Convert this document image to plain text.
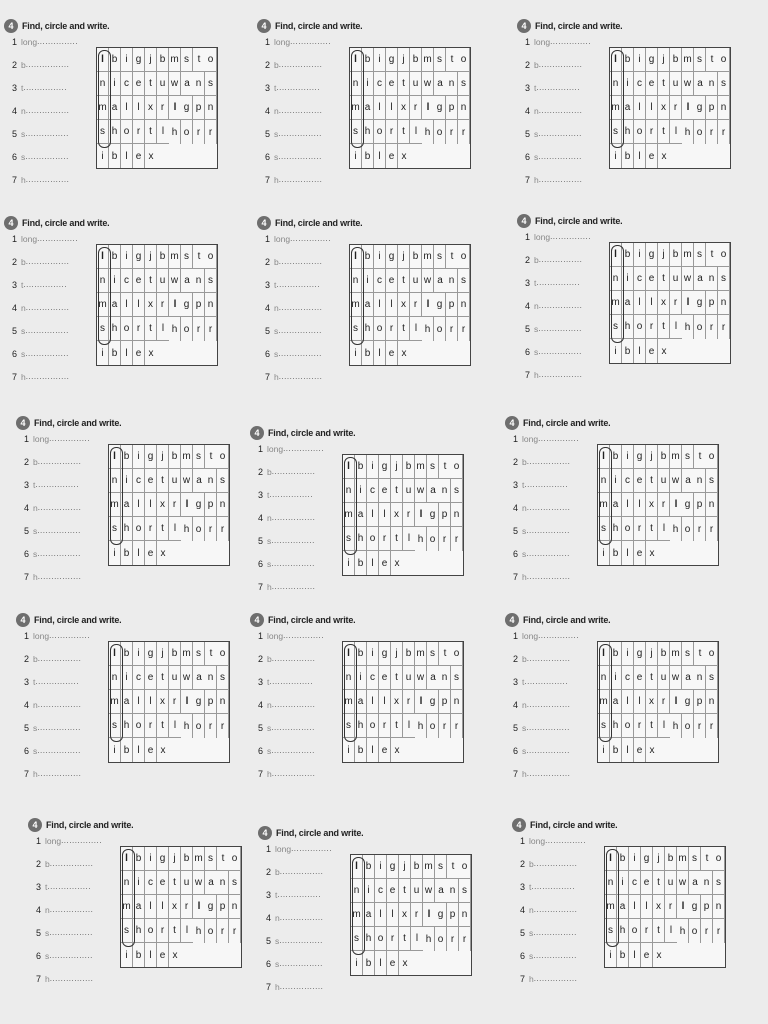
4 Find, circle and write.
1 long ...............
2 b ................
3 t ................
4 n ................
5 s ................
6 s ................
7 h ................
l b i g j b m s t o
n i c e t u w a n s
m a l l x r l g p n
s h o r t l h o r r
i b l e x
4 Find, circle and write.
1 long ...............
2 b ................
3 t ................
4 n ................
5 s ................
6 s ................
7 h ................
l b i g j b m s t o
n i c e t u w a n s
m a l l x r l g p n
s h o r t l h o r r
i b l e x
4 Find, circle and write.
1 long ...............
2 b ................
3 t ................
4 n ................
5 s ................
6 s ................
7 h ................
l b i g j b m s t o
n i c e t u w a n s
m a l l x r l g p n
s h o r t l h o r r
i b l e x
4 Find, circle and write.
1 long ...............
2 b ................
3 t ................
4 n ................
5 s ................
6 s ................
7 h ................
l b i g j b m s t o
n i c e t u w a n s
m a l l x r l g p n
s h o r t l h o r r
i b l e x
4 Find, circle and write.
1 long ...............
2 b ................
3 t ................
4 n ................
5 s ................
6 s ................
7 h ................
l b i g j b m s t o
n i c e t u w a n s
m a l l x r l g p n
s h o r t l h o r r
i b l e x
4 Find, circle and write.
1 long ...............
2 b ................
3 t ................
4 n ................
5 s ................
6 s ................
7 h ................
l b i g j b m s t o
n i c e t u w a n s
m a l l x r l g p n
s h o r t l h o r r
i b l e x
4 Find, circle and write.
1 long ...............
2 b ................
3 t ................
4 n ................
5 s ................
6 s ................
7 h ................
l b i g j b m s t o
n i c e t u w a n s
m a l l x r l g p n
s h o r t l h o r r
i b l e x
4 Find, circle and write.
1 long ...............
2 b ................
3 t ................
4 n ................
5 s ................
6 s ................
7 h ................
l b i g j b m s t o
n i c e t u w a n s
m a l l x r l g p n
s h o r t l h o r r
i b l e x
4 Find, circle and write.
1 long ...............
2 b ................
3 t ................
4 n ................
5 s ................
6 s ................
7 h ................
l b i g j b m s t o
n i c e t u w a n s
m a l l x r l g p n
s h o r t l h o r r
i b l e x
4 Find, circle and write.
1 long ...............
2 b ................
3 t ................
4 n ................
5 s ................
6 s ................
7 h ................
l b i g j b m s t o
n i c e t u w a n s
m a l l x r l g p n
s h o r t l h o r r
i b l e x
4 Find, circle and write.
1 long ...............
2 b ................
3 t ................
4 n ................
5 s ................
6 s ................
7 h ................
l b i g j b m s t o
n i c e t u w a n s
m a l l x r l g p n
s h o r t l h o r r
i b l e x
4 Find, circle and write.
1 long ...............
2 b ................
3 t ................
4 n ................
5 s ................
6 s ................
7 h ................
l b i g j b m s t o
n i c e t u w a n s
m a l l x r l g p n
s h o r t l h o r r
i b l e x
4 Find, circle and write.
1 long ...............
2 b ................
3 t ................
4 n ................
5 s ................
6 s ................
7 h ................
l b i g j b m s t o
n i c e t u w a n s
m a l l x r l g p n
s h o r t l h o r r
i b l e x
4 Find, circle and write.
1 long ...............
2 b ................
3 t ................
4 n ................
5 s ................
6 s ................
7 h ................
l b i g j b m s t o
n i c e t u w a n s
m a l l x r l g p n
s h o r t l h o r r
i b l e x
4 Find, circle and write.
1 long ...............
2 b ................
3 t ................
4 n ................
5 s ................
6 s ................
7 h ................
l b i g j b m s t o
n i c e t u w a n s
m a l l x r l g p n
s h o r t l h o r r
i b l e x
